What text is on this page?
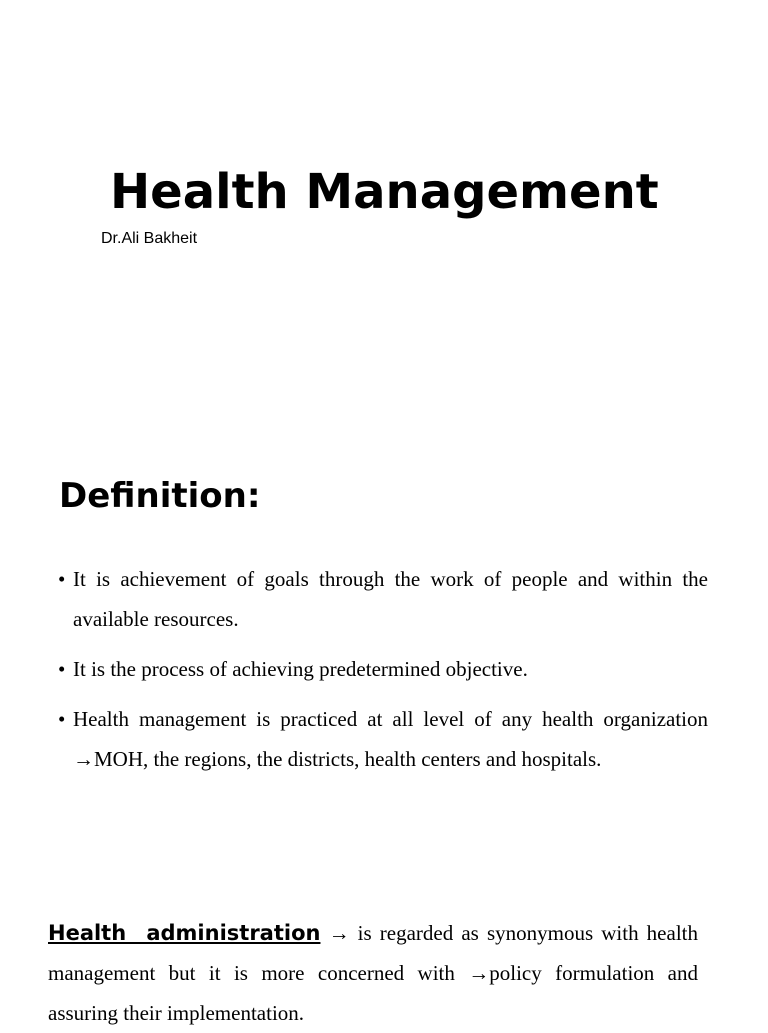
Health Management
Dr.Ali Bakheit
Definition:
• It is achievement of goals through the work of people and within the available resources.
• It is the process of achieving predetermined objective.
• Health management is practiced at all level of any health organization →MOH, the regions, the districts, health centers and hospitals.

Health administration → is regarded as synonymous with health management but it is more concerned with →policy formulation and assuring their implementation.
